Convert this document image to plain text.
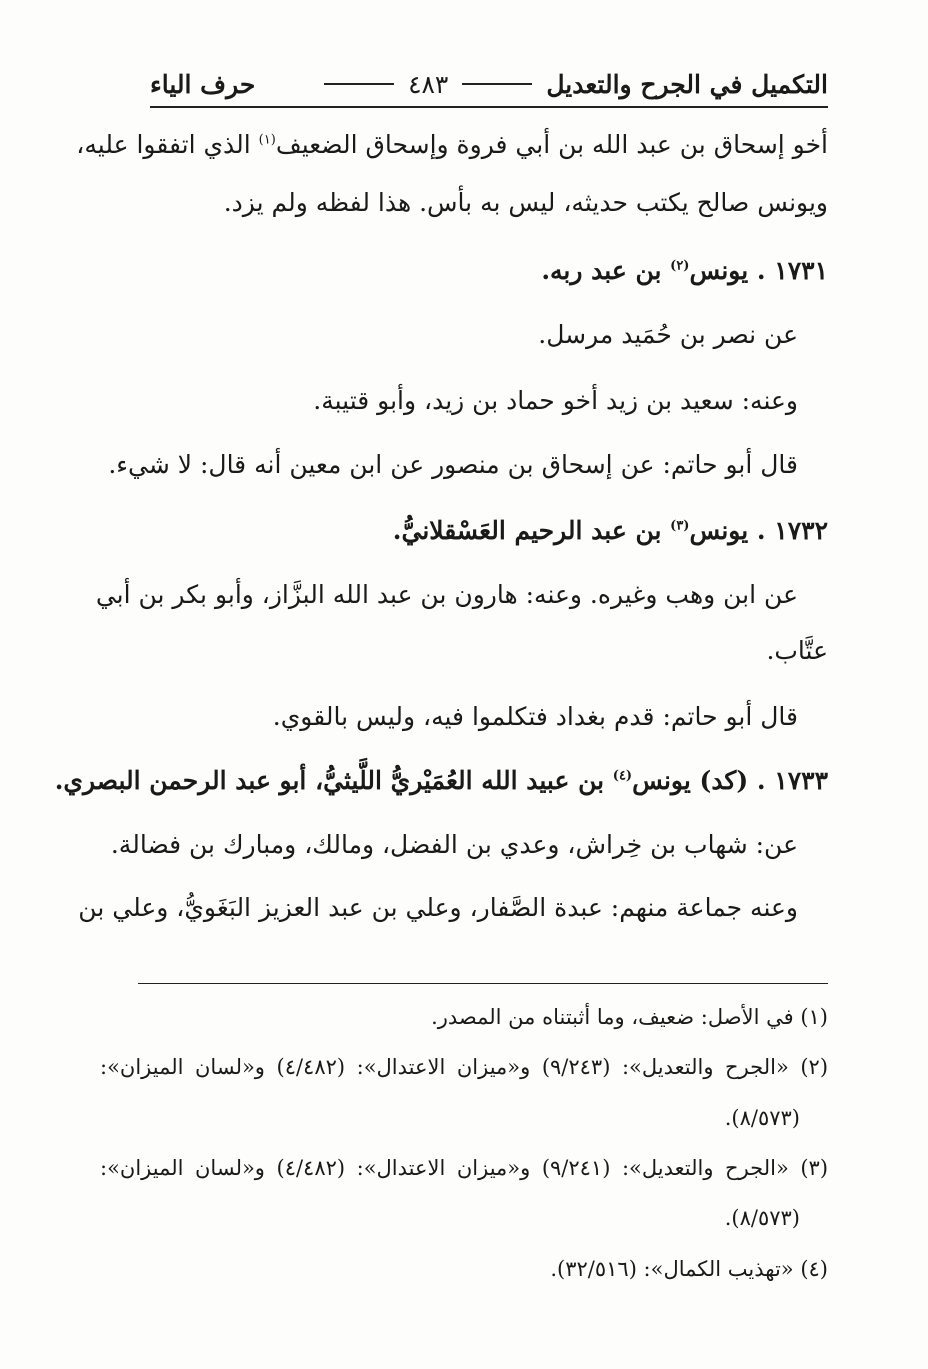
التكميل في الجرح والتعديل
٤٨٣
حرف الياء
أخو إسحاق بن عبد الله بن أبي فروة وإسحاق الضعيف$^{(١)}$ الذي اتفقوا عليه،
ويونس صالح يكتب حديثه، ليس به بأس. هذا لفظه ولم يزد.
١٧٣١ . يونس$^{(٢)}$ بن عبد ربه.
عن نصر بن حُمَيد مرسل.
وعنه: سعيد بن زيد أخو حماد بن زيد، وأبو قتيبة.
قال أبو حاتم: عن إسحاق بن منصور عن ابن معين أنه قال: لا شيء.
١٧٣٢ . يونس$^{(٣)}$ بن عبد الرحيم العَسْقلانيُّ.
عن ابن وهب وغيره. وعنه: هارون بن عبد الله البزَّاز، وأبو بكر بن أبي
عتَّاب.
قال أبو حاتم: قدم بغداد فتكلموا فيه، وليس بالقوي.
١٧٣٣ . (كد) يونس$^{(٤)}$ بن عبيد الله العُمَيْريُّ اللَّيثيُّ، أبو عبد الرحمن البصري.
عن: شهاب بن خِراش، وعدي بن الفضل، ومالك، ومبارك بن فضالة.
وعنه جماعة منهم: عبدة الصَّفار، وعلي بن عبد العزيز البَغَويُّ، وعلي بن
(١) في الأصل: ضعيف، وما أثبتناه من المصدر.
(٢) «الجرح والتعديل»: (٩/٢٤٣) و«ميزان الاعتدال»: (٤/٤٨٢) و«لسان الميزان»:
(٨/٥٧٣).
(٣) «الجرح والتعديل»: (٩/٢٤١) و«ميزان الاعتدال»: (٤/٤٨٢) و«لسان الميزان»:
(٨/٥٧٣).
(٤) «تهذيب الكمال»: (٣٢/٥١٦).
